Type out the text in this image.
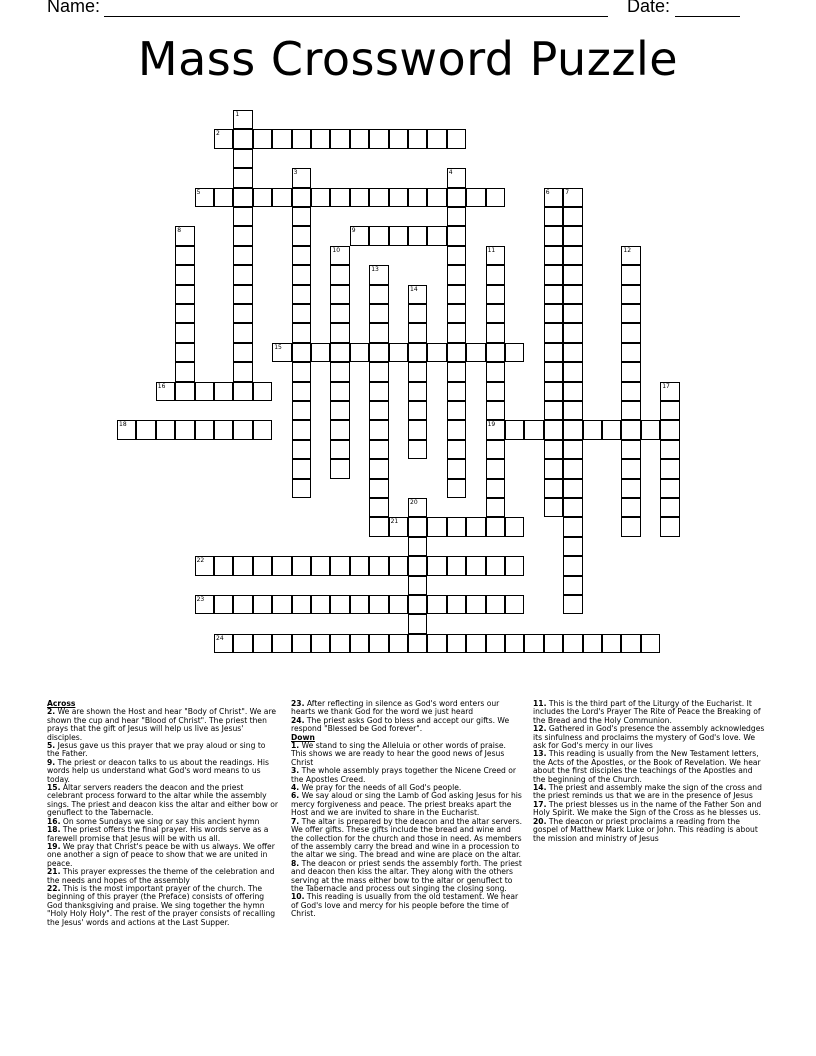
Name:	Date:
Mass Crossword Puzzle
1
2
3	4
5	6	7
8	9
10	11
19
12
13
14
15
16	17
18
20
21
22
23
24

Across

2. We are shown the Host and hear "Body of Christ". We are shown the cup and hear "Blood of Christ". The priest then prays that the gift of Jesus will help us live as Jesus' disciples.

5. Jesus gave us this prayer that we pray aloud or sing to the Father.

9. The priest or deacon talks to us about the readings. His words help us understand what God's word means to us today.

15. Altar servers readers the deacon and the priest celebrant process forward to the altar while the assembly sings. The priest and deacon kiss the altar and either bow or genuflect to the Tabernacle.

16. On some Sundays we sing or say this ancient hymn

18. The priest offers the final prayer. His words serve as a farewell promise that Jesus will be with us all.

19. We pray that Christ's peace be with us always. We offer one another a sign of peace to show that we are united in peace.

21. This prayer expresses the theme of the celebration and the needs and hopes of the assembly

22. This is the most important prayer of the church. The beginning of this prayer (the Preface) consists of offering God thanksgiving and praise. We sing together the hymn "Holy Holy Holy". The rest of the prayer consists of recalling the Jesus' words and actions at the Last Supper.

23. After reflecting in silence as God's word enters our hearts we thank God for the word we just heard

24. The priest asks God to bless and accept our gifts. We respond "Blessed be God forever".

Down

1. We stand to sing the Alleluia or other words of praise. This shows we are ready to hear the good news of Jesus Christ

3. The whole assembly prays together the Nicene Creed or the Apostles Creed.

4. We pray for the needs of all God's people.

6. We say aloud or sing the Lamb of God asking Jesus for his mercy forgiveness and peace. The priest breaks apart the Host and we are invited to share in the Eucharist.

7. The altar is prepared by the deacon and the altar servers. We offer gifts. These gifts include the bread and wine and the collection for the church and those in need. As members of the assembly carry the bread and wine in a procession to the altar we sing. The bread and wine are place on the altar.

8. The deacon or priest sends the assembly forth. The priest and deacon then kiss the altar. They along with the others serving at the mass either bow to the altar or genuflect to the Tabernacle and process out singing the closing song.

10. This reading is usually from the old testament. We hear of God's love and mercy for his people before the time of Christ.

11. This is the third part of the Liturgy of the Eucharist. It includes the Lord's Prayer The Rite of Peace the Breaking of the Bread and the Holy Communion.

12. Gathered in God's presence the assembly acknowledges its sinfulness and proclaims the mystery of God's love. We ask for God's mercy in our lives

13. This reading is usually from the New Testament letters, the Acts of the Apostles, or the Book of Revelation. We hear about the first disciples the teachings of the Apostles and the beginning of the Church.

14. The priest and assembly make the sign of the cross and the priest reminds us that we are in the presence of Jesus

17. The priest blesses us in the name of the Father Son and Holy Spirit. We make the Sign of the Cross as he blesses us.

20. The deacon or priest proclaims a reading from the gospel of Matthew Mark Luke or John. This reading is about the mission and ministry of Jesus
